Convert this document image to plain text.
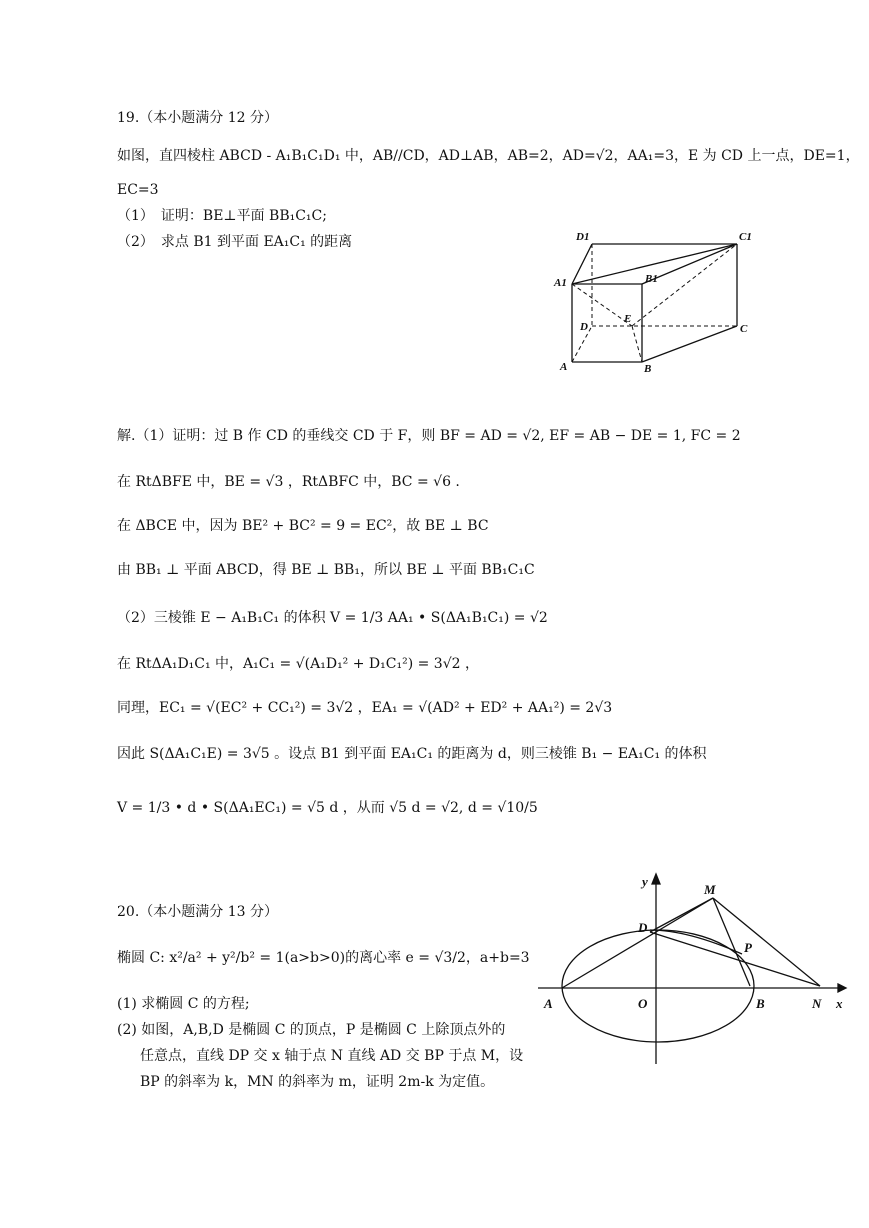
19.（本小题满分 12 分）
如图，直四棱柱 ABCD - A₁B₁C₁D₁ 中，AB//CD，AD⊥AB，AB=2，AD=√2，AA₁=3，E 为 CD 上一点，DE=1，
EC=3
（1）　证明：BE⊥平面 BB₁C₁C;
（2）　求点 B1 到平面 EA₁C₁ 的距离	D1	C1
A1	B1
D
E
C
A	B
解.（1）证明：过 B 作 CD 的垂线交 CD 于 F，则 BF = AD = √2, EF = AB − DE = 1, FC = 2
在 RtΔBFE 中，BE = √3 ，RtΔBFC 中，BC = √6 .
在 ΔBCE 中，因为 BE² + BC² = 9 = EC²，故 BE ⊥ BC
由 BB₁ ⊥ 平面 ABCD，得 BE ⊥ BB₁，所以 BE ⊥ 平面 BB₁C₁C
（2）三棱锥 E − A₁B₁C₁ 的体积 V = 1/3 AA₁ • S(ΔA₁B₁C₁) = √2
在 RtΔA₁D₁C₁ 中，A₁C₁ = √(A₁D₁² + D₁C₁²) = 3√2 ，
同理，EC₁ = √(EC² + CC₁²) = 3√2 ，EA₁ = √(AD² + ED² + AA₁²) = 2√3
因此 S(ΔA₁C₁E) = 3√5 。设点 B1 到平面 EA₁C₁ 的距离为 d，则三棱锥 B₁ − EA₁C₁ 的体积
V = 1/3 • d • S(ΔA₁EC₁) = √5 d ，从而 √5 d = √2, d = √10/5
20.（本小题满分 13 分）
椭圆 C: x²/a² + y²/b² = 1(a>b>0)的离心率 e = √3/2，a+b=3
(1) 求椭圆 C 的方程;
(2) 如图，A,B,D 是椭圆 C 的顶点，P 是椭圆 C 上除顶点外的
任意点，直线 DP 交 x 轴于点 N 直线 AD 交 BP 于点 M，设
BP 的斜率为 k，MN 的斜率为 m，证明 2m-k 为定值。
y
M
D
P
A	O	B	N x
